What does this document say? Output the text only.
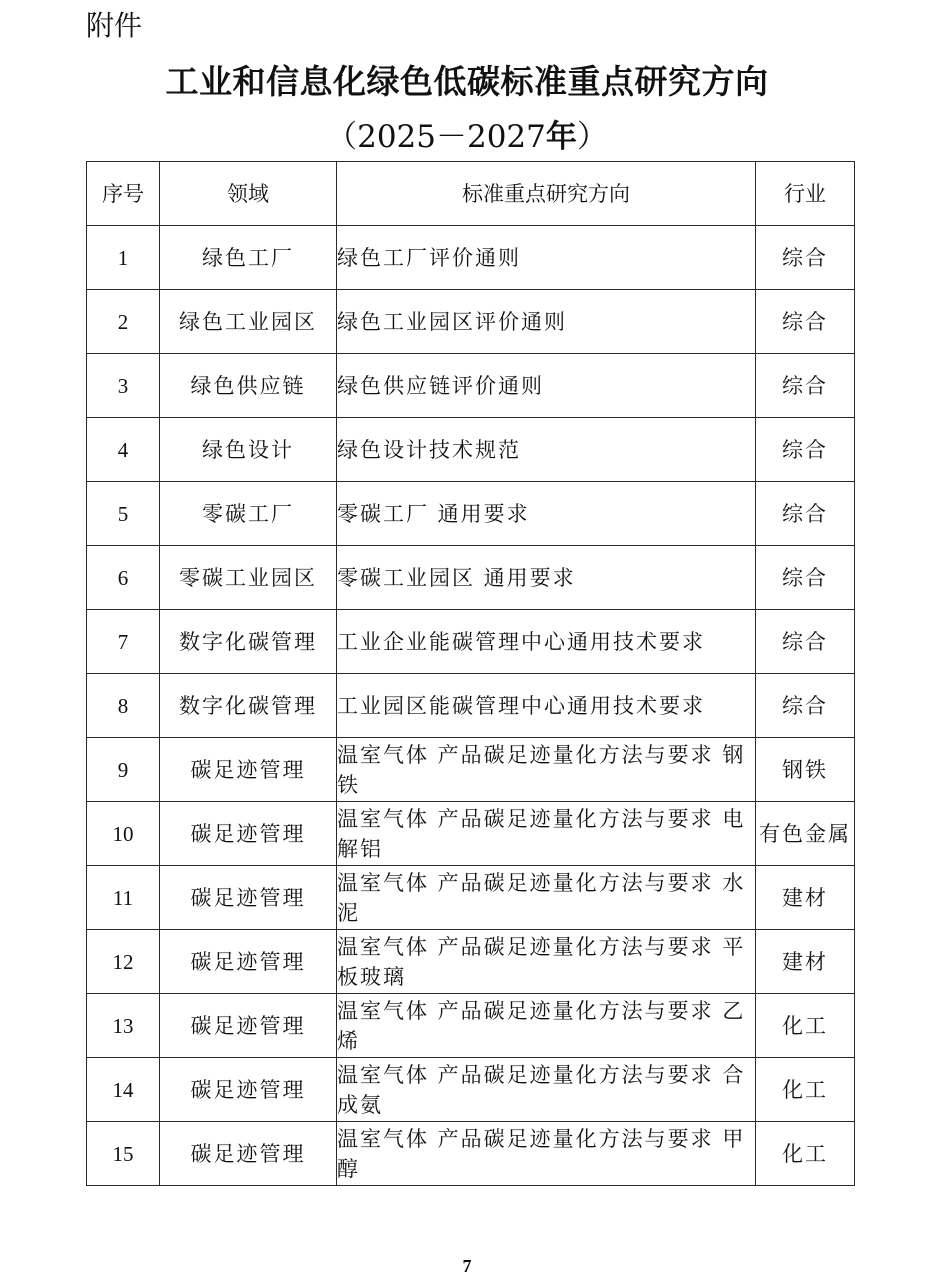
附件
工业和信息化绿色低碳标准重点研究方向
（2025－2027年）
序号	领域	标准重点研究方向	行业
1	绿色工厂	绿色工厂评价通则	综合
2	绿色工业园区	绿色工业园区评价通则	综合
3	绿色供应链	绿色供应链评价通则	综合
4	绿色设计	绿色设计技术规范	综合
5	零碳工厂	零碳工厂 通用要求	综合
6	零碳工业园区	零碳工业园区 通用要求	综合
7	数字化碳管理	工业企业能碳管理中心通用技术要求	综合
8	数字化碳管理	工业园区能碳管理中心通用技术要求	综合
9	碳足迹管理	温室气体 产品碳足迹量化方法与要求 钢铁	钢铁
10	碳足迹管理	温室气体 产品碳足迹量化方法与要求 电解铝	有色金属
11	碳足迹管理	温室气体 产品碳足迹量化方法与要求 水泥	建材
12	碳足迹管理	温室气体 产品碳足迹量化方法与要求 平板玻璃	建材
13	碳足迹管理	温室气体 产品碳足迹量化方法与要求 乙烯	化工
14	碳足迹管理	温室气体 产品碳足迹量化方法与要求 合成氨	化工
15	碳足迹管理	温室气体 产品碳足迹量化方法与要求 甲醇	化工
7
